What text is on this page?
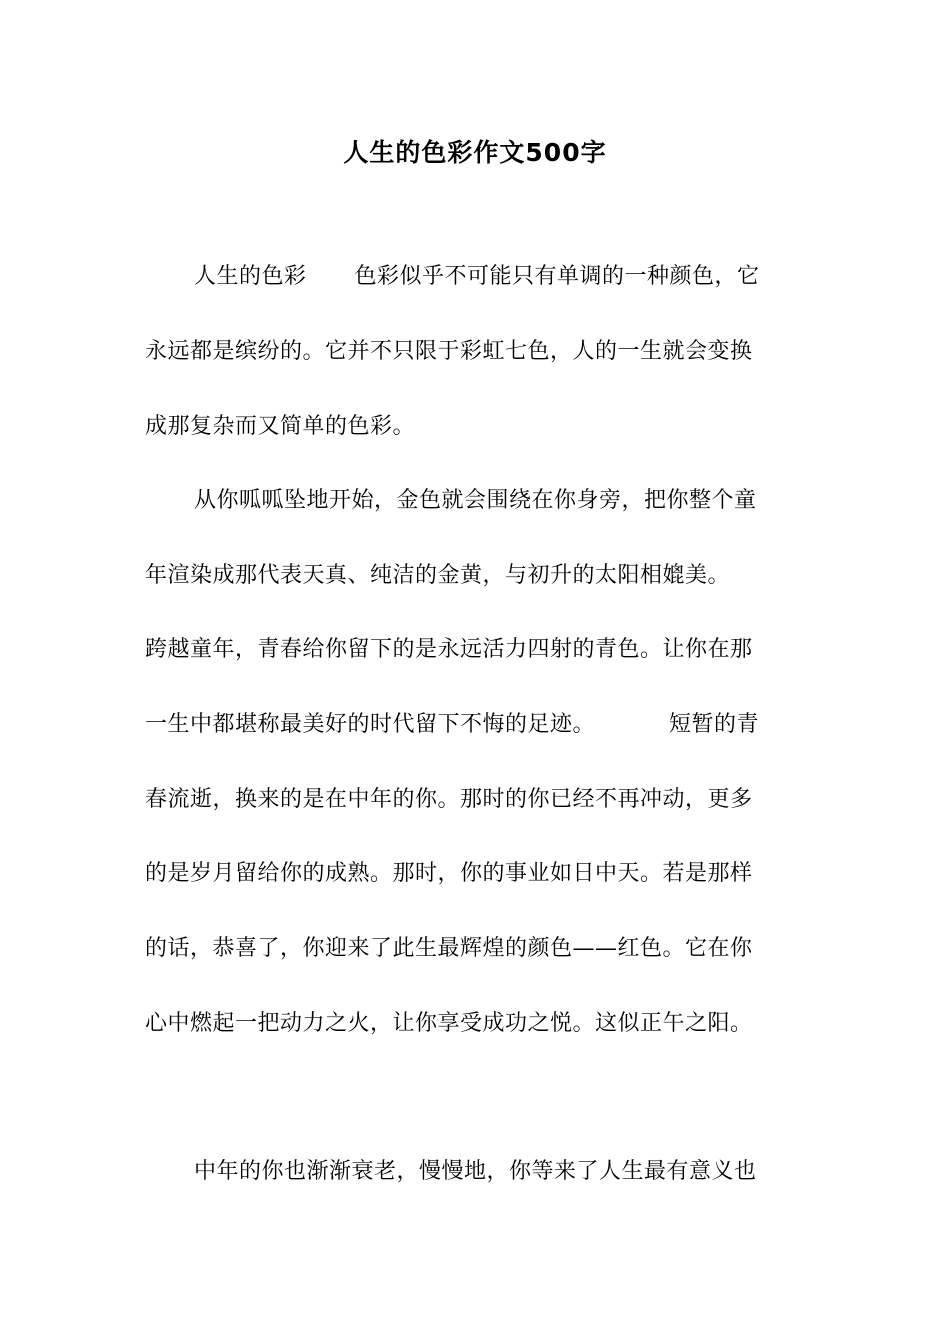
人生的色彩作文500字
人生的色彩 色彩似乎不可能只有单调的一种颜色，它
永远都是缤纷的。它并不只限于彩虹七色，人的一生就会变换
成那复杂而又简单的色彩。
从你呱呱坠地开始，金色就会围绕在你身旁，把你整个童
年渲染成那代表天真、纯洁的金黄，与初升的太阳相媲美。
跨越童年，青春给你留下的是永远活力四射的青色。让你在那
一生中都堪称最美好的时代留下不悔的足迹。	短暂的青
春流逝，换来的是在中年的你。那时的你已经不再冲动，更多
的是岁月留给你的成熟。那时，你的事业如日中天。若是那样
的话，恭喜了，你迎来了此生最辉煌的颜色——红色。它在你
心中燃起一把动力之火，让你享受成功之悦。这似正午之阳。
中年的你也渐渐衰老，慢慢地，你等来了人生最有意义也
